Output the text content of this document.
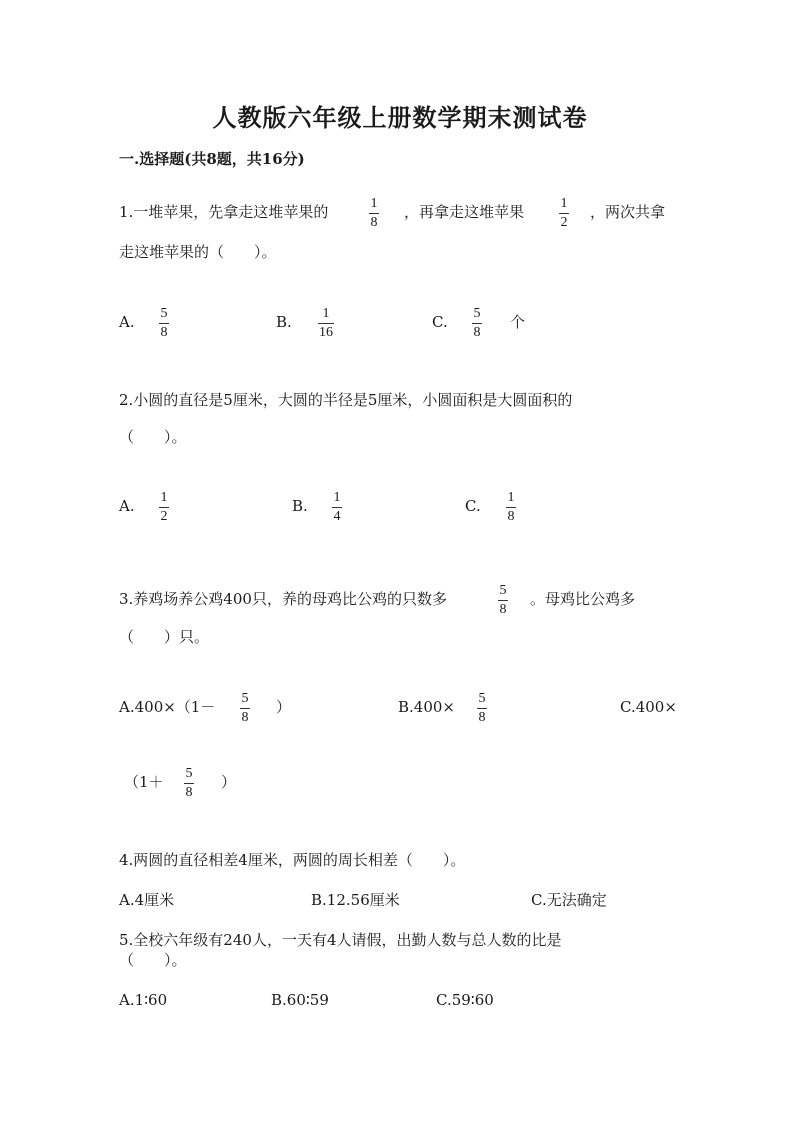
人教版六年级上册数学期末测试卷
一.选择题(共8题，共16分)
1.一堆苹果，先拿走这堆苹果的	1
8
，再拿走这堆苹果	1
2
，两次共拿
走这堆苹果的（　　）。
A. 5
8
B. 1
16
C. 5
8
个
2.小圆的直径是5厘米，大圆的半径是5厘米，小圆面积是大圆面积的
（　　）。
A. 1
2
B. 1
4
C. 1
8
3.养鸡场养公鸡400只，养的母鸡比公鸡的只数多	5
8
。母鸡比公鸡多
（　　）只。
A.400×（1－ 5
8
）	B.400× 5
8
C.400×
（1＋ 5
8
）
4.两圆的直径相差4厘米，两圆的周长相差（　　）。
A.4厘米	B.12.56厘米	C.无法确定
5.全校六年级有240人，一天有4人请假，出勤人数与总人数的比是
（　　）。
A.1∶60	B.60∶59	C.59∶60
